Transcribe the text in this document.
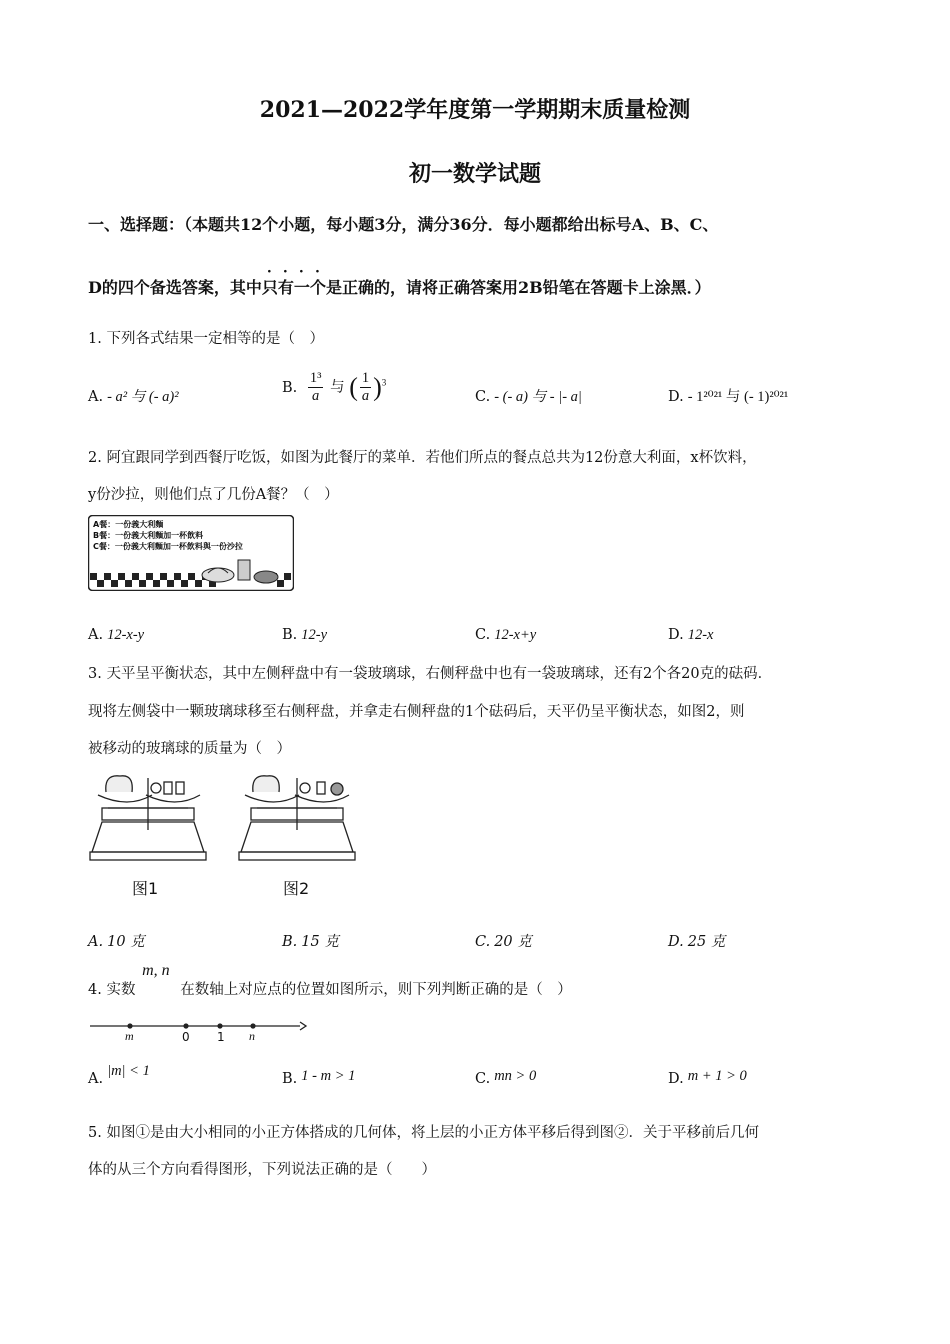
2021—2022学年度第一学期期末质量检测
初一数学试题
一、选择题：（本题共12个小题，每小题3分，满分36分．每小题都给出标号A、B、C、
D的四个备选答案，其中只有一个是正确的，请将正确答案用2B铅笔在答题卡上涂黑．）
1. 下列各式结果一定相等的是（　）
A. - a² 与 (- a)²
B. $\frac{\text{1³}}{a}$ 与 ( $\frac{1}{a} )^3$
C. - (- a) 与 - |- a|	D. - 1²⁰²¹ 与 (- 1)²⁰²¹
2. 阿宜跟同学到西餐厅吃饭，如图为此餐厅的菜单．若他们所点的餐点总共为12份意大利面，x杯饮料，
y份沙拉，则他们点了几份A餐？（　）
A餐：一份義大利麵
B餐：一份義大利麵加一杯飲料
C餐：一份義大利麵加一杯飲料與一份沙拉
A. 12-x-y	B. 12-y	C. 12-x+y	D. 12-x
3. 天平呈平衡状态，其中左侧秤盘中有一袋玻璃球，右侧秤盘中也有一袋玻璃球，还有2个各20克的砝码．
现将左侧袋中一颗玻璃球移至右侧秤盘，并拿走右侧秤盘的1个砝码后，天平仍呈平衡状态，如图2，则
被移动的玻璃球的质量为（　）
图1	图2
A. 10 克	B. 15 克	C. 20 克	D. 25 克
4. 实数 m, n 在数轴上对应点的位置如图所示，则下列判断正确的是（　）
m	0 1 n
A. |m| < 1	B. 1 - m > 1	C. mn > 0	D. m + 1 > 0
5. 如图①是由大小相同的小正方体搭成的几何体，将上层的小正方体平移后得到图②．关于平移前后几何
体的从三个方向看得图形，下列说法正确的是（　　）
